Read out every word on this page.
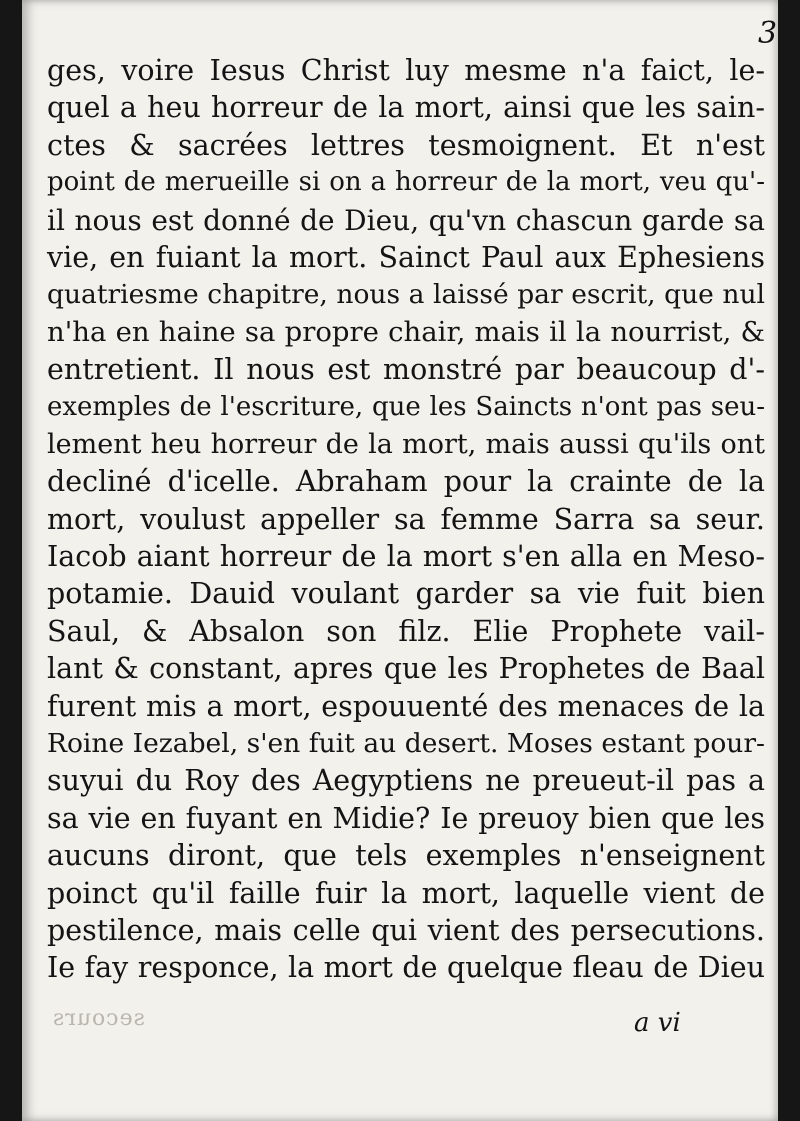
3
ges, voire Iesus Christ luy mesme n'a faict, le-
quel a heu horreur de la mort, ainsi que les sain-
ctes & sacrées lettres tesmoignent. Et n'est
point de merueille si on a horreur de la mort, veu qu'-
il nous est donné de Dieu, qu'vn chascun garde sa
vie, en fuiant la mort. Sainct Paul aux Ephesiens
quatriesme chapitre, nous a laissé par escrit, que nul
n'ha en haine sa propre chair, mais il la nourrist, &
entretient. Il nous est monstré par beaucoup d'-
exemples de l'escriture, que les Saincts n'ont pas seu-
lement heu horreur de la mort, mais aussi qu'ils ont
decliné d'icelle. Abraham pour la crainte de la
mort, voulust appeller sa femme Sarra sa seur.
Iacob aiant horreur de la mort s'en alla en Meso-
potamie. Dauid voulant garder sa vie fuit bien
Saul, & Absalon son filz. Elie Prophete vail-
lant & constant, apres que les Prophetes de Baal
furent mis a mort, espouuenté des menaces de la
Roine Iezabel, s'en fuit au desert. Moses estant pour-
suyui du Roy des Aegyptiens ne preueut-il pas a
sa vie en fuyant en Midie? Ie preuoy bien que les
aucuns diront, que tels exemples n'enseignent
poinct qu'il faille fuir la mort, laquelle vient de
pestilence, mais celle qui vient des persecutions.
Ie fay responce, la mort de quelque fleau de Dieu
secours	a vi
